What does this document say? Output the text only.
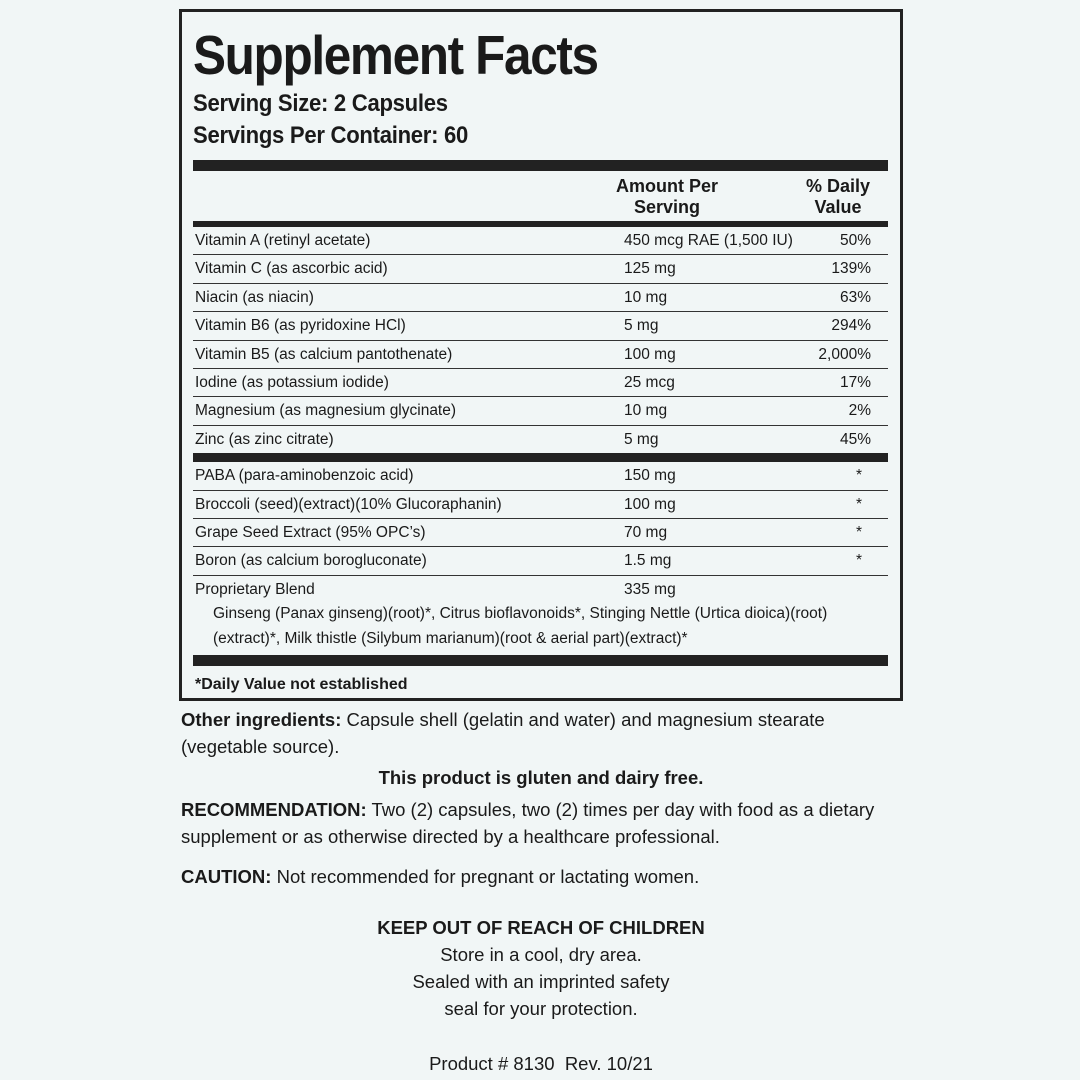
Supplement Facts
Serving Size: 2 Capsules
Servings Per Container: 60
Amount Per
Serving
% Daily
Value
Vitamin A (retinyl acetate)	450 mcg RAE (1,500 IU)	50%
Vitamin C (as ascorbic acid)	125 mg	139%
Niacin (as niacin)	10 mg	63%
Vitamin B6 (as pyridoxine HCl)	5 mg	294%
Vitamin B5 (as calcium pantothenate)	100 mg	2,000%
Iodine (as potassium iodide)	25 mcg	17%
Magnesium (as magnesium glycinate)	10 mg	2%
Zinc (as zinc citrate)	5 mg	45%
PABA (para-aminobenzoic acid)	150 mg	*
Broccoli (seed)(extract)(10% Glucoraphanin)	100 mg	*
Grape Seed Extract (95% OPC’s)	70 mg	*
Boron (as calcium borogluconate)	1.5 mg	*
Proprietary Blend	335 mg
Ginseng (Panax ginseng)(root)*, Citrus bioflavonoids*, Stinging Nettle (Urtica dioica)(root)
(extract)*, Milk thistle (Silybum marianum)(root & aerial part)(extract)*
*Daily Value not established
Other ingredients: Capsule shell (gelatin and water) and magnesium stearate (vegetable source).
This product is gluten and dairy free.
RECOMMENDATION: Two (2) capsules, two (2) times per day with food as a dietary supplement or as otherwise directed by a healthcare professional.
CAUTION: Not recommended for pregnant or lactating women.
KEEP OUT OF REACH OF CHILDREN
Store in a cool, dry area.
Sealed with an imprinted safety
seal for your protection.
Product # 8130  Rev. 10/21
